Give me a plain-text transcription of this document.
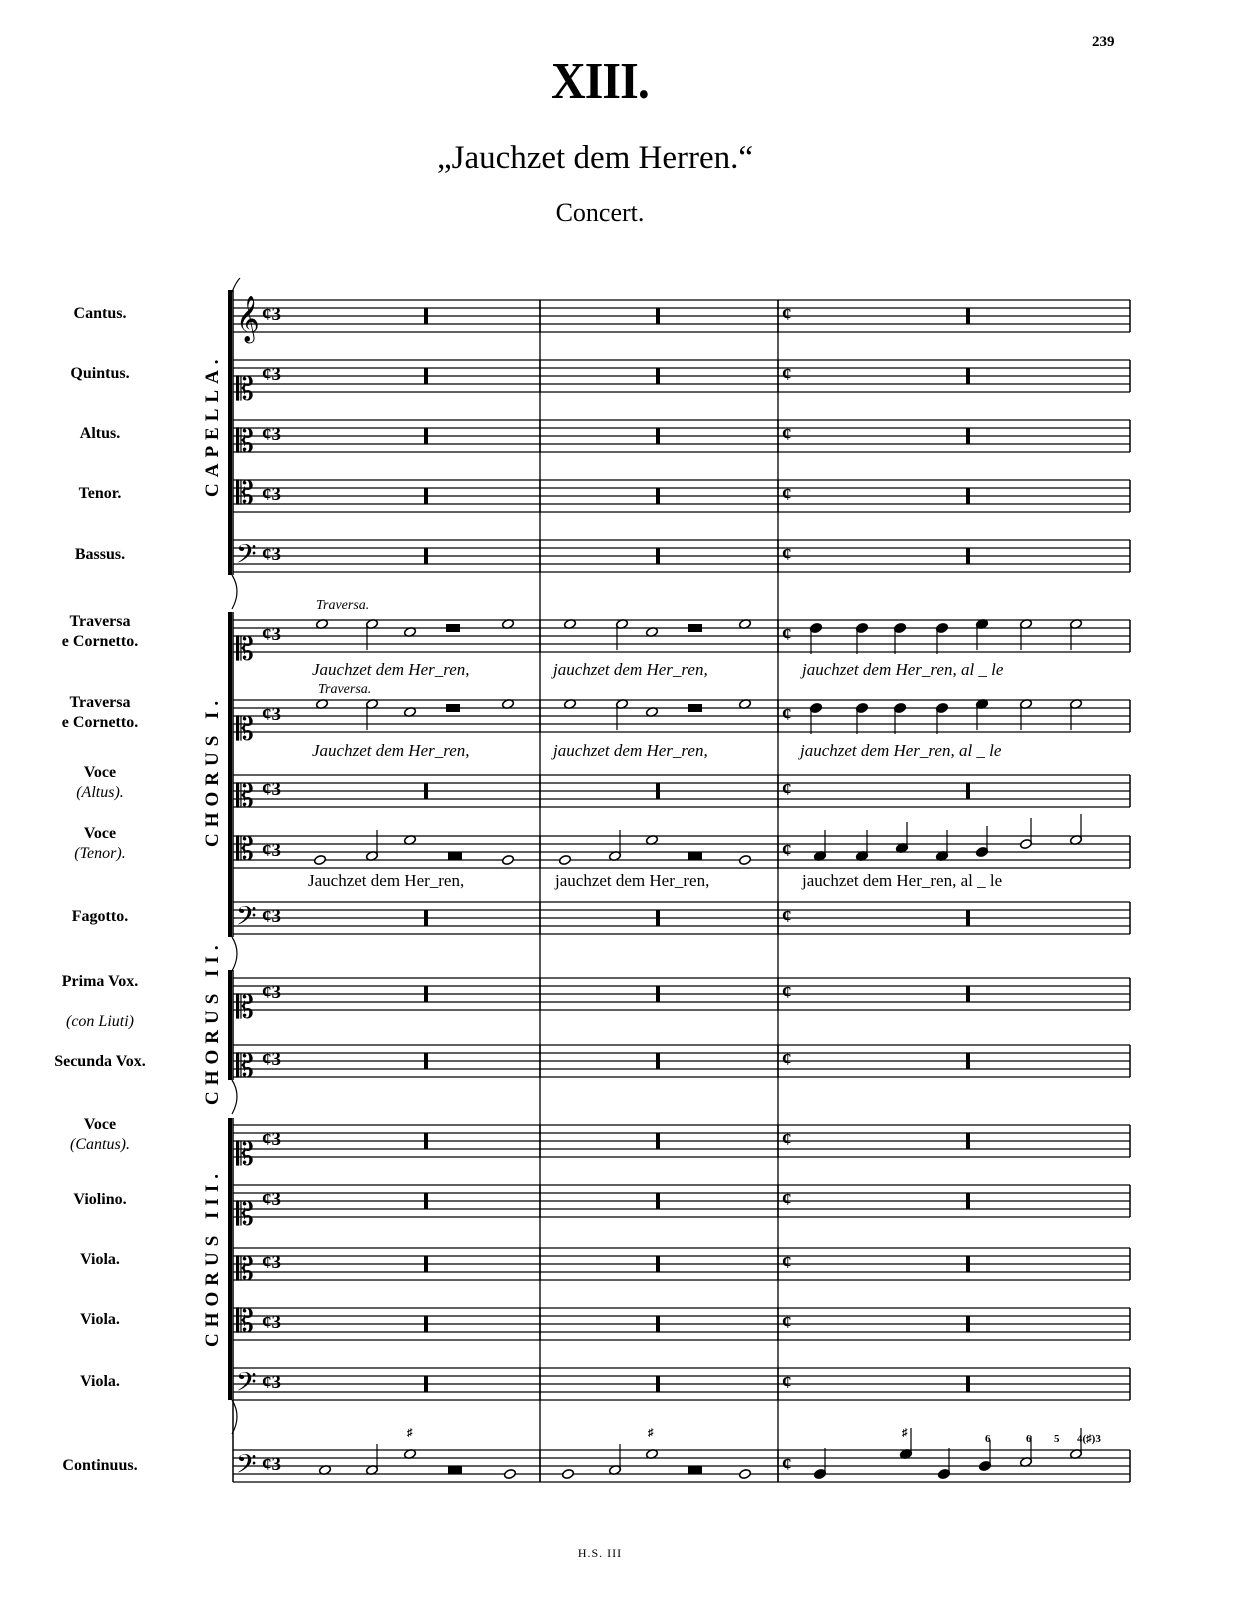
239
XIII.
„Jauchzet dem Herren.“
Concert.
Cantus.
Quintus.
Altus.
Tenor.
Bassus.
Traversa
e Cornetto.
Traversa
e Cornetto.
Voce
(Altus).
Voce
(Tenor).
Fagotto.
Prima Vox.
(con Liuti)
Secunda Vox.
Voce
(Cantus).
Violino.
Viola.
Viola.
Viola.
Continuus.
CAPELLA.
CHORUS I.
CHORUS II.
CHORUS III.
𝄞 ¢3	¢
𝄡 ¢3	¢
𝄡 ¢3	¢
𝄡 ¢3	¢
𝄢 ¢3	¢
𝄡 ¢3	¢
𝄡 ¢3	¢
𝄡 ¢3	¢
𝄡 ¢3	¢
𝄢 ¢3	¢
𝄡 ¢3	¢
𝄡 ¢3	¢
𝄡 ¢3	¢
𝄡 ¢3	¢
𝄡 ¢3	¢
𝄡 ¢3	¢
𝄢 ¢3	¢
𝄢 ¢3	¢
Traversa.
Traversa.
Jauchzet dem Her_ren,	jauchzet dem Her_ren,	jauchzet dem Her_ren, al _ le
Jauchzet dem Her_ren,	jauchzet dem Her_ren,	jauchzet dem Her_ren, al _ le
Jauchzet dem Her_ren,	jauchzet dem Her_ren,	jauchzet dem Her_ren, al _ le
♯	♯	♯	6	6 5 4(♯)3
H.S. III
